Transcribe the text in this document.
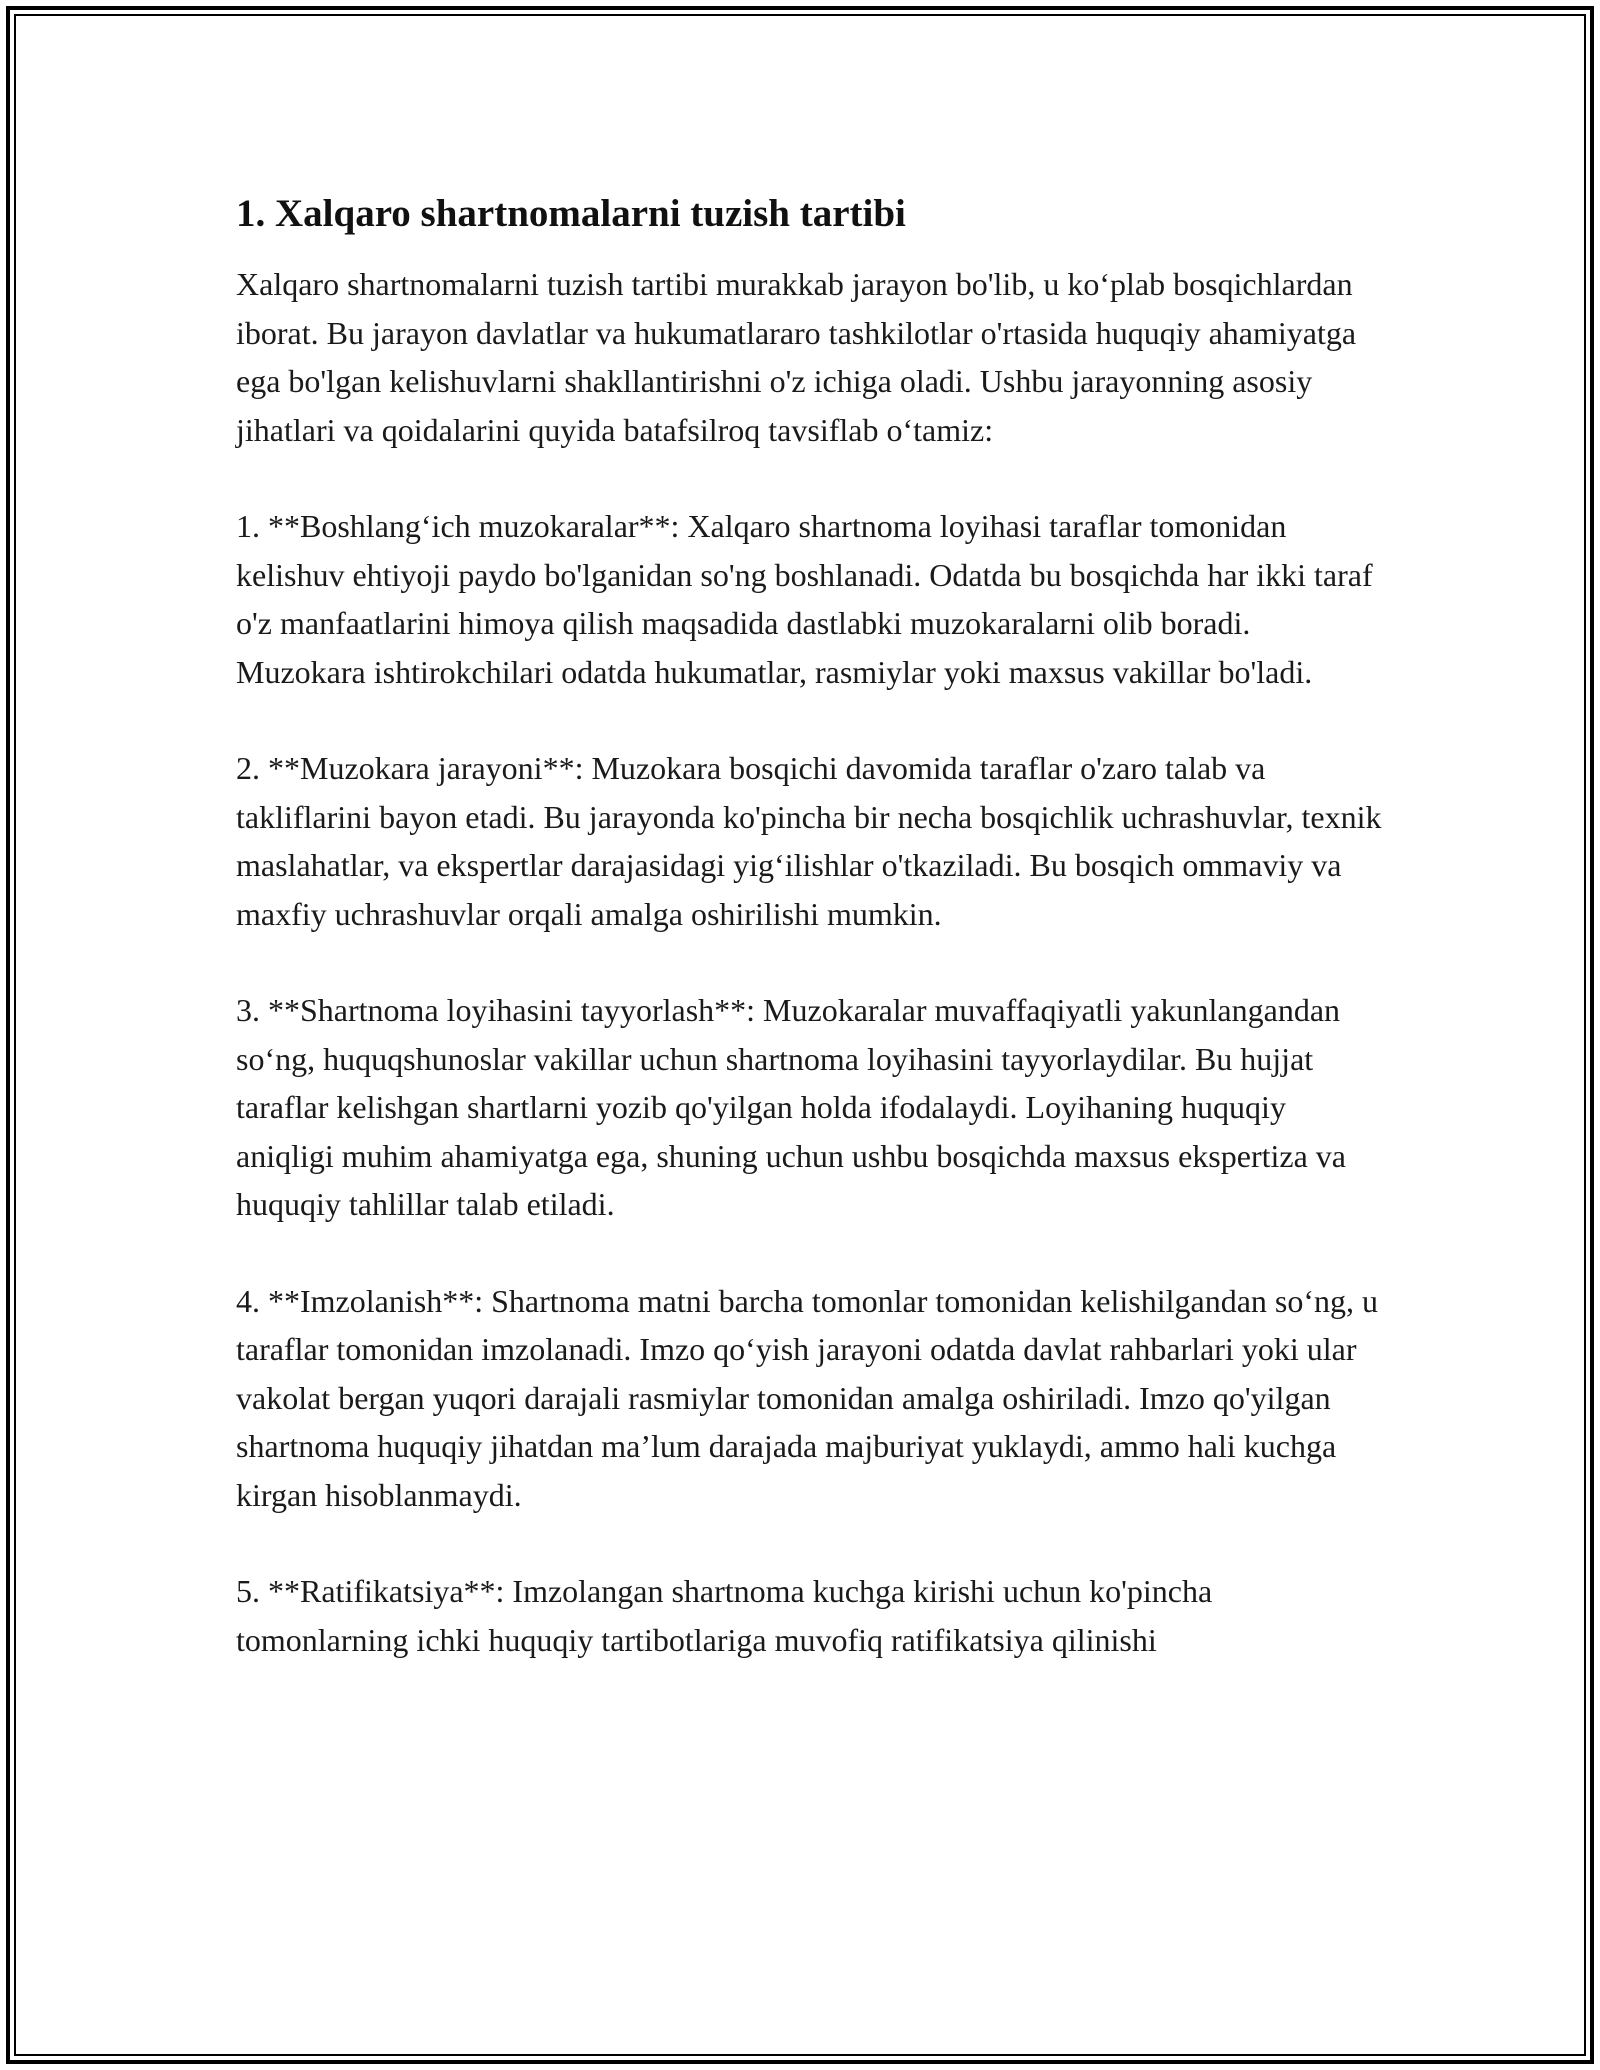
1. Xalqaro shartnomalarni tuzish tartibi

Xalqaro shartnomalarni tuzish tartibi murakkab jarayon bo'lib, u ko‘plab bosqichlardan iborat. Bu jarayon davlatlar va hukumatlararo tashkilotlar o'rtasida huquqiy ahamiyatga ega bo'lgan kelishuvlarni shakllantirishni o'z ichiga oladi. Ushbu jarayonning asosiy jihatlari va qoidalarini quyida batafsilroq tavsiflab o‘tamiz:

1. **Boshlang‘ich muzokaralar**: Xalqaro shartnoma loyihasi taraflar tomonidan kelishuv ehtiyoji paydo bo'lganidan so'ng boshlanadi. Odatda bu bosqichda har ikki taraf o'z manfaatlarini himoya qilish maqsadida dastlabki muzokaralarni olib boradi. Muzokara ishtirokchilari odatda hukumatlar, rasmiylar yoki maxsus vakillar bo'ladi.

2. **Muzokara jarayoni**: Muzokara bosqichi davomida taraflar o'zaro talab va takliflarini bayon etadi. Bu jarayonda ko'pincha bir necha bosqichlik uchrashuvlar, texnik maslahatlar, va ekspertlar darajasidagi yig‘ilishlar o'tkaziladi. Bu bosqich ommaviy va maxfiy uchrashuvlar orqali amalga oshirilishi mumkin.

3. **Shartnoma loyihasini tayyorlash**: Muzokaralar muvaffaqiyatli yakunlangandan so‘ng, huquqshunoslar vakillar uchun shartnoma loyihasini tayyorlaydilar. Bu hujjat taraflar kelishgan shartlarni yozib qo'yilgan holda ifodalaydi. Loyihaning huquqiy aniqligi muhim ahamiyatga ega, shuning uchun ushbu bosqichda maxsus ekspertiza va huquqiy tahlillar talab etiladi.

4. **Imzolanish**: Shartnoma matni barcha tomonlar tomonidan kelishilgandan so‘ng, u taraflar tomonidan imzolanadi. Imzo qo‘yish jarayoni odatda davlat rahbarlari yoki ular vakolat bergan yuqori darajali rasmiylar tomonidan amalga oshiriladi. Imzo qo'yilgan shartnoma huquqiy jihatdan ma’lum darajada majburiyat yuklaydi, ammo hali kuchga kirgan hisoblanmaydi.

5. **Ratifikatsiya**: Imzolangan shartnoma kuchga kirishi uchun ko'pincha tomonlarning ichki huquqiy tartibotlariga muvofiq ratifikatsiya qilinishi
